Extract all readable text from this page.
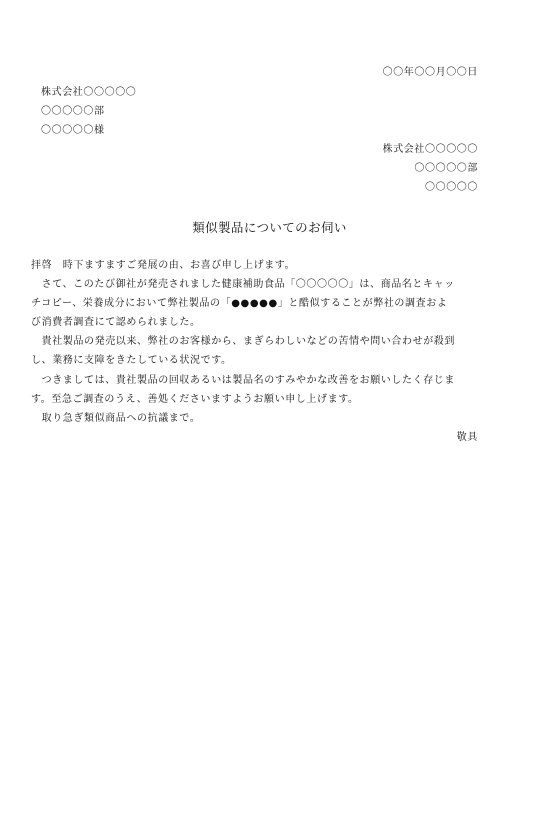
〇〇年〇〇月〇〇日
株式会社〇〇〇〇〇
〇〇〇〇〇部
〇〇〇〇〇様
株式会社〇〇〇〇〇
〇〇〇〇〇部
〇〇〇〇〇
類似製品についてのお伺い
拝啓　時下ますますご発展の由、お喜び申し上げます。
　さて、このたび御社が発売されました健康補助食品「〇〇〇〇〇」は、商品名とキャッ
チコピー、栄養成分において弊社製品の「●●●●●」と酷似することが弊社の調査およ
び消費者調査にて認められました。
　貴社製品の発売以来、弊社のお客様から、まぎらわしいなどの苦情や問い合わせが殺到
し、業務に支障をきたしている状況です。
　つきましては、貴社製品の回収あるいは製品名のすみやかな改善をお願いしたく存じま
す。至急ご調査のうえ、善処くださいますようお願い申し上げます。
　取り急ぎ類似商品への抗議まで。
敬具
